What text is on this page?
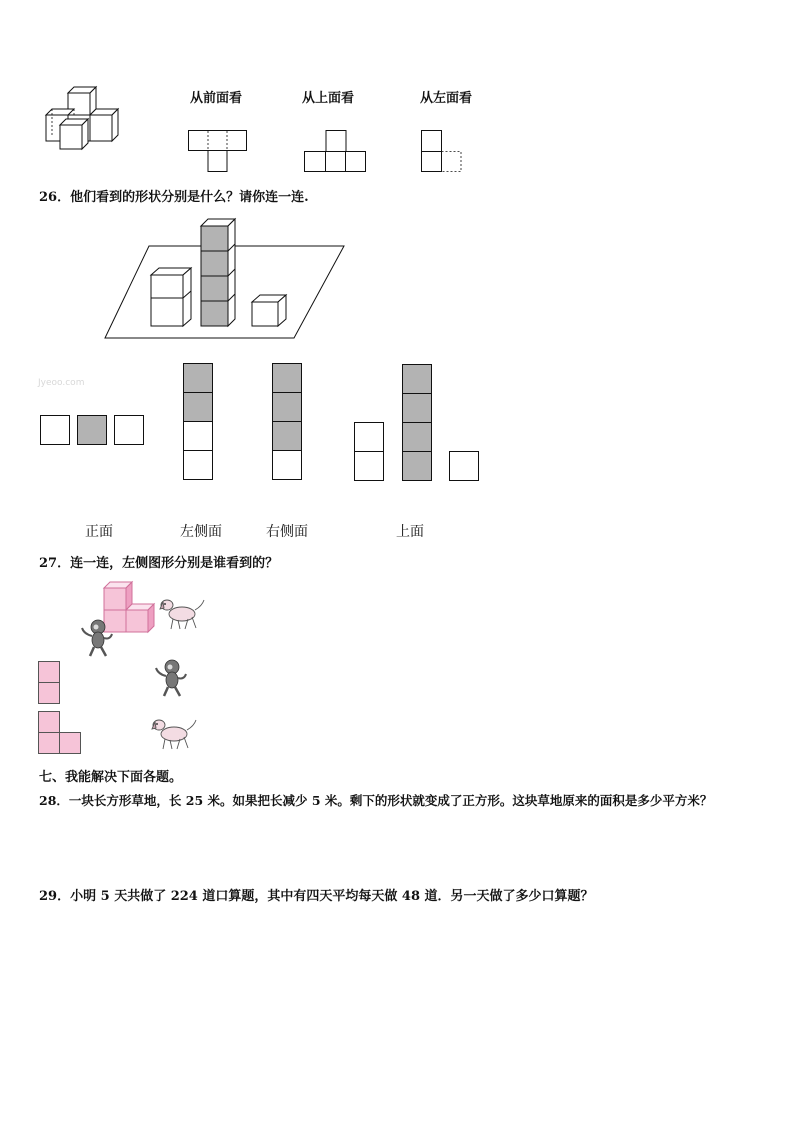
从前面看	从上面看	从左面看
26．他们看到的形状分别是什么？请你连一连.
Jyeoo.com
正面	左侧面	右侧面	上面
27．连一连，左侧图形分别是谁看到的？
七、我能解决下面各题。
28．一块长方形草地，长 25 米。如果把长减少 5 米。剩下的形状就变成了正方形。这块草地原来的面积是多少平方米？
29．小明 5 天共做了 224 道口算题，其中有四天平均每天做 48 道．另一天做了多少口算题？
